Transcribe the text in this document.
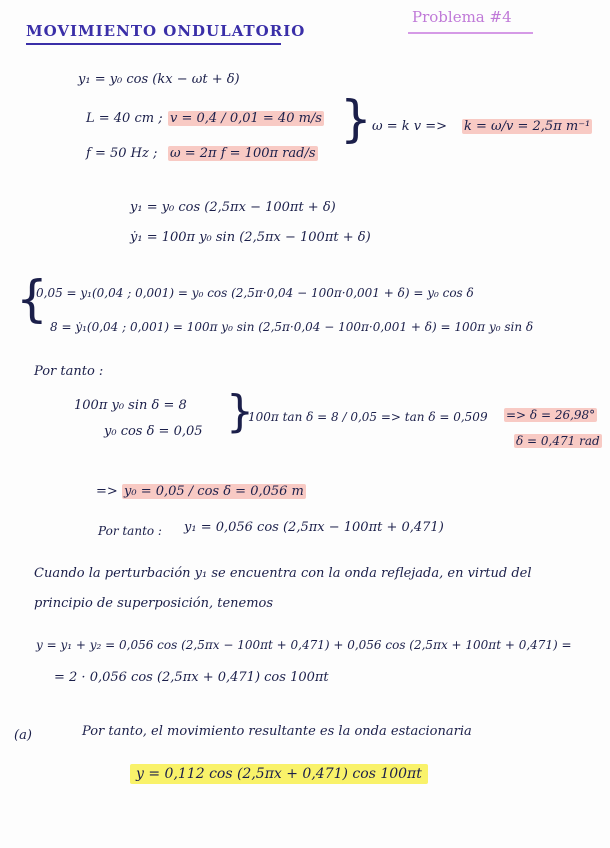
MOVIMIENTO ONDULATORIO
Problema #4
y₁ = y₀ cos (kx − ωt + δ)
L = 40 cm ; v = 0,4 / 0,01 = 40 m/s
f = 50 Hz ; ω = 2π f = 100π rad/s
} ω = k v => k = ω/v = 2,5π m⁻¹
y₁ = y₀ cos (2,5πx − 100πt + δ)
ẏ₁ = 100π y₀ sin (2,5πx − 100πt + δ)
{
0,05 = y₁(0,04 ; 0,001) = y₀ cos (2,5π·0,04 − 100π·0,001 + δ) = y₀ cos δ
8 = ẏ₁(0,04 ; 0,001) = 100π y₀ sin (2,5π·0,04 − 100π·0,001 + δ) = 100π y₀ sin δ
Por tanto :
100π y₀ sin δ = 8
y₀ cos δ = 0,05 }
100π tan δ = 8 / 0,05 => tan δ = 0,509 => δ = 26,98°
δ = 0,471 rad
=> y₀ = 0,05 / cos δ = 0,056 m
Por tanto : y₁ = 0,056 cos (2,5πx − 100πt + 0,471)
Cuando la perturbación y₁ se encuentra con la onda reflejada, en virtud del
principio de superposición, tenemos
y = y₁ + y₂ = 0,056 cos (2,5πx − 100πt + 0,471) + 0,056 cos (2,5πx + 100πt + 0,471) =
= 2 · 0,056 cos (2,5πx + 0,471) cos 100πt
(a)	Por tanto, el movimiento resultante es la onda estacionaria
y = 0,112 cos (2,5πx + 0,471) cos 100πt
